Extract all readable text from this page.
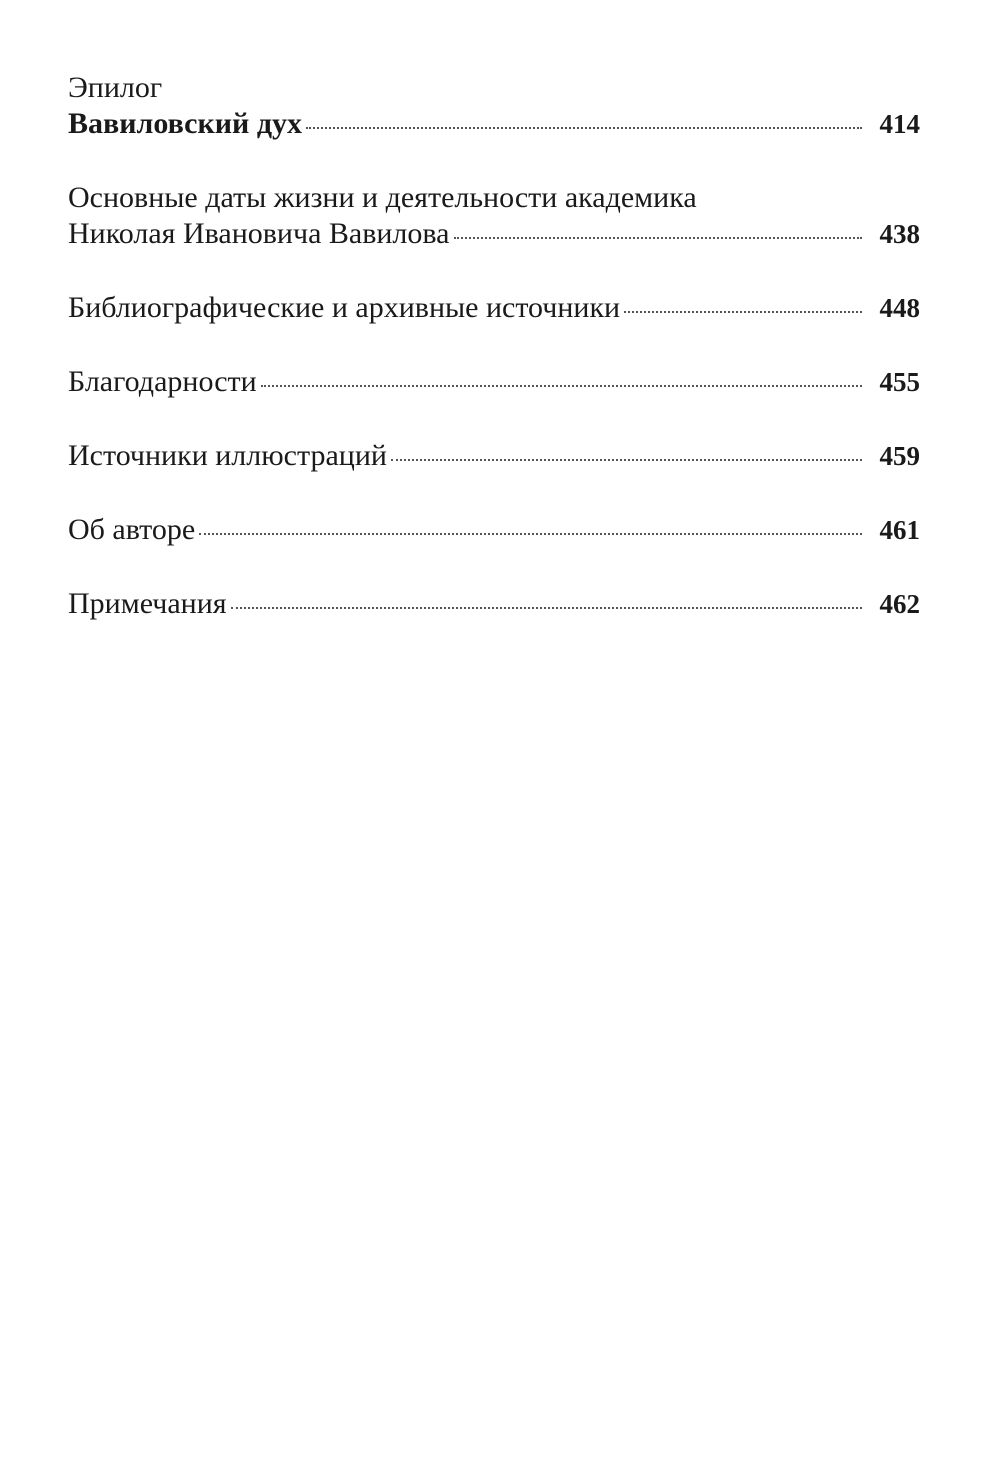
Эпилог
Вавиловский дух	414
Основные даты жизни и деятельности академика
Николая Ивановича Вавилова	438
Библиографические и архивные источники	448
Благодарности	455
Источники иллюстраций	459
Об авторе	461
Примечания	462
